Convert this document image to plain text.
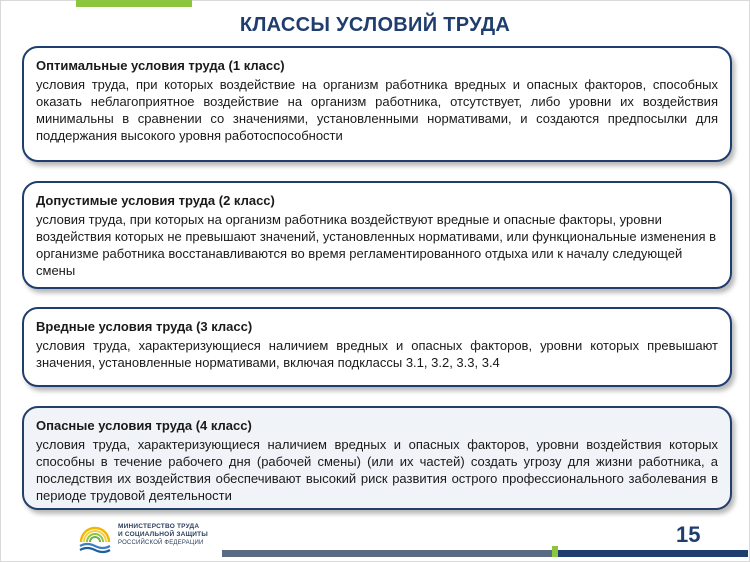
КЛАССЫ УСЛОВИЙ ТРУДА
Оптимальные условия труда (1 класс)
условия труда, при которых воздействие на организм работника вредных и опасных факторов, способных оказать неблагоприятное воздействие на организм работника, отсутствует, либо уровни их воздействия минимальны в сравнении со значениями, установленными нормативами, и создаются предпосылки для поддержания высокого уровня работоспособности
Допустимые условия труда (2 класс)
условия труда, при которых на организм работника воздействуют вредные и опасные факторы, уровни воздействия которых не превышают значений, установленных нормативами, или функциональные изменения в организме работника восстанавливаются во время регламентированного отдыха или к началу следующей смены
Вредные условия труда (3 класс)
условия труда, характеризующиеся наличием вредных и опасных факторов, уровни которых превышают значения, установленные нормативами, включая подклассы 3.1, 3.2, 3.3, 3.4
Опасные условия труда (4 класс)
условия труда, характеризующиеся наличием вредных и опасных факторов, уровни воздействия которых способны в течение рабочего дня (рабочей смены) (или их частей) создать угрозу для жизни работника, а последствия их воздействия обеспечивают высокий риск развития острого профессионального заболевания в периоде трудовой деятельности
МИНИСТЕРСТВО ТРУДА
И СОЦИАЛЬНОЙ ЗАЩИТЫ
РОССИЙСКОЙ ФЕДЕРАЦИИ	15
